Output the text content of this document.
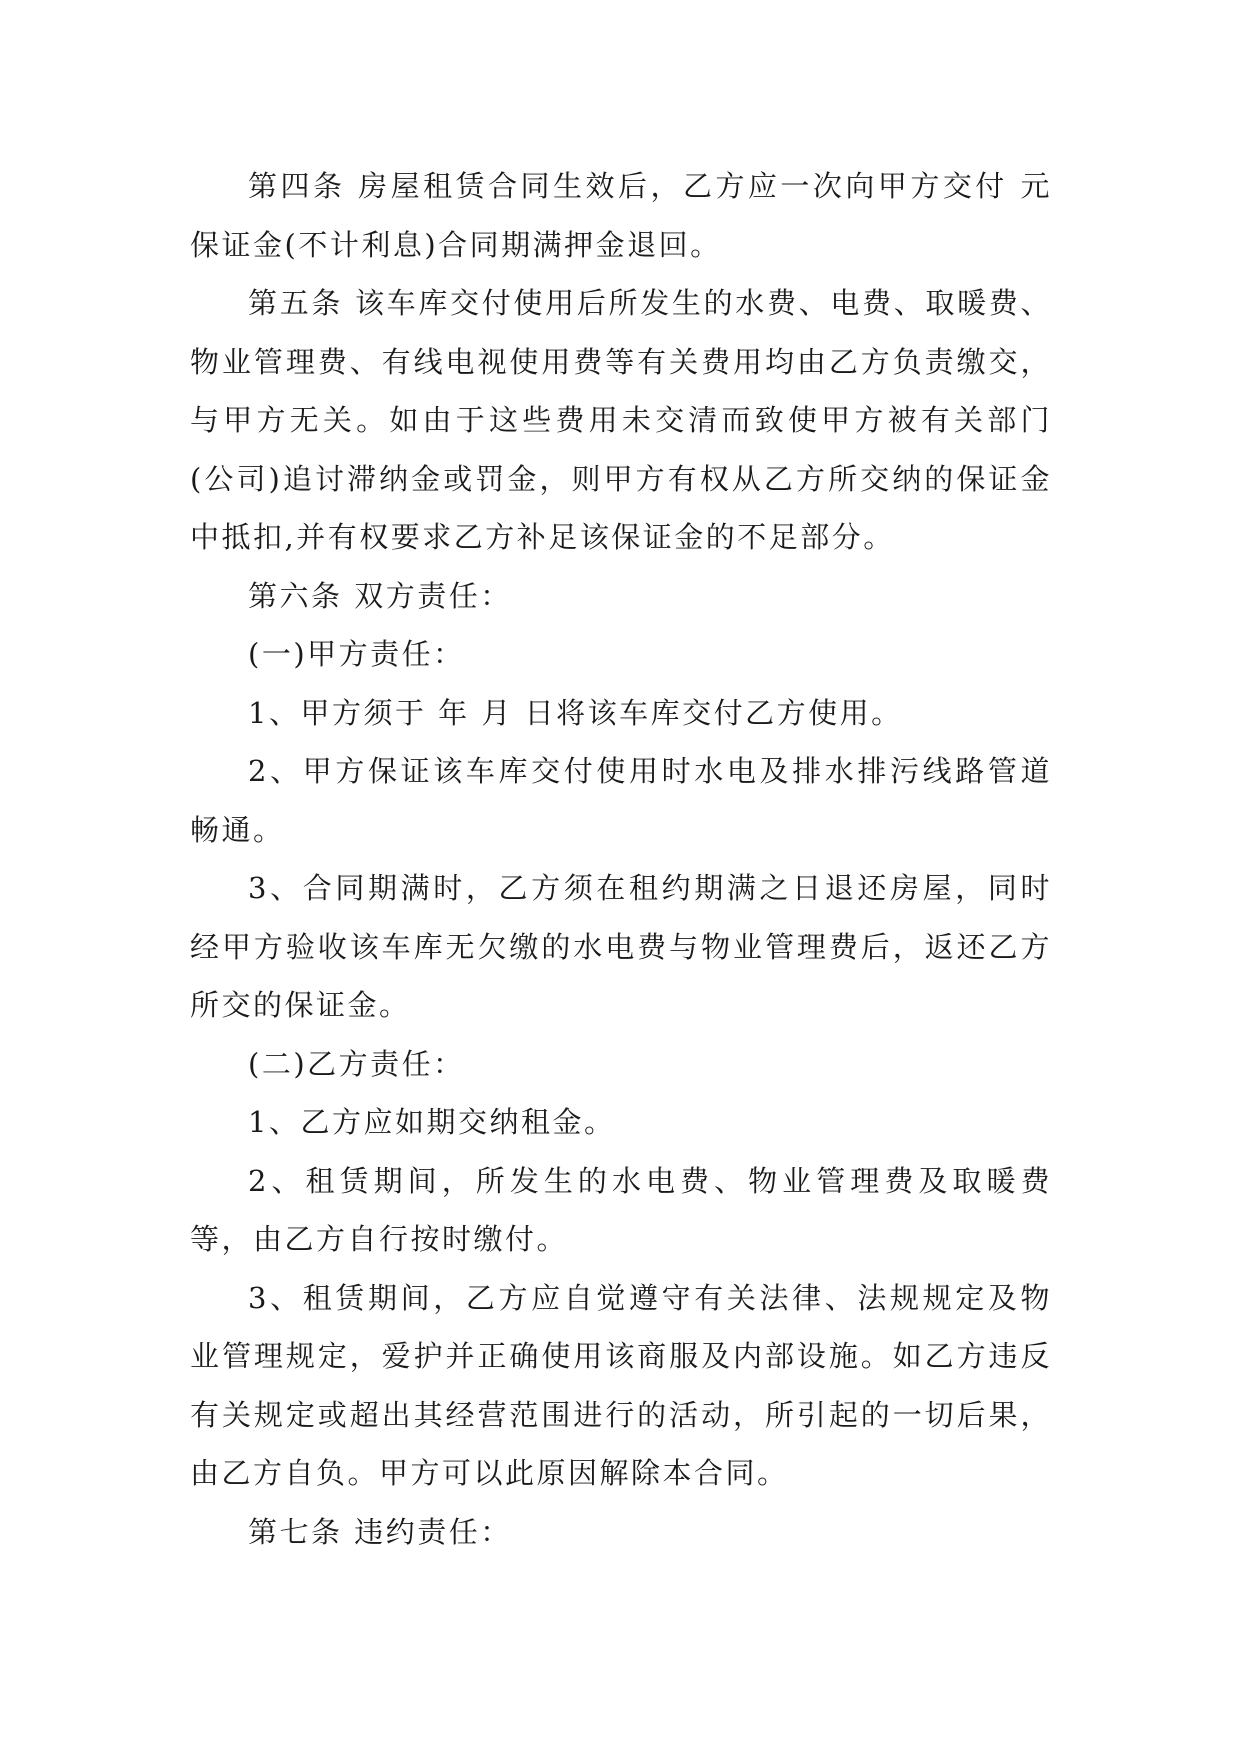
第四条 房屋租赁合同生效后，乙方应一次向甲方交付 元保证金(不计利息)合同期满押金退回。

第五条 该车库交付使用后所发生的水费、电费、取暖费、物业管理费、有线电视使用费等有关费用均由乙方负责缴交，与甲方无关。如由于这些费用未交清而致使甲方被有关部门(公司)追讨滞纳金或罚金，则甲方有权从乙方所交纳的保证金中抵扣,并有权要求乙方补足该保证金的不足部分。

第六条 双方责任：

(一)甲方责任：

1、甲方须于 年 月 日将该车库交付乙方使用。

2、甲方保证该车库交付使用时水电及排水排污线路管道畅通。

3、合同期满时，乙方须在租约期满之日退还房屋，同时经甲方验收该车库无欠缴的水电费与物业管理费后，返还乙方所交的保证金。

(二)乙方责任：

1、乙方应如期交纳租金。

2、租赁期间，所发生的水电费、物业管理费及取暖费等，由乙方自行按时缴付。

3、租赁期间，乙方应自觉遵守有关法律、法规规定及物业管理规定，爱护并正确使用该商服及内部设施。如乙方违反有关规定或超出其经营范围进行的活动，所引起的一切后果，由乙方自负。甲方可以此原因解除本合同。

第七条 违约责任：
